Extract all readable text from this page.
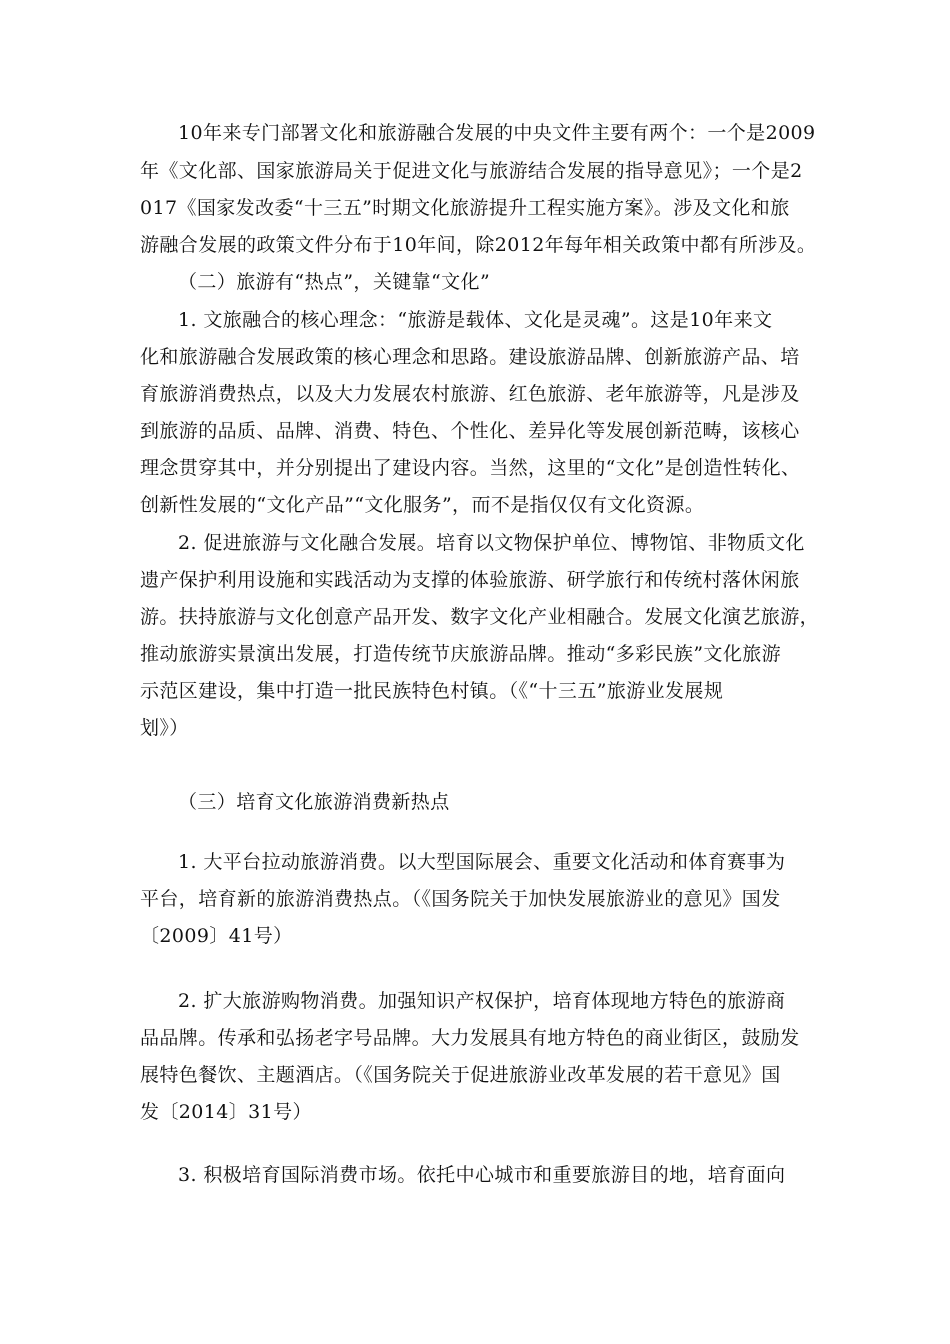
10年来专门部署文化和旅游融合发展的中央文件主要有两个：一个是2009
年《文化部、国家旅游局关于促进文化与旅游结合发展的指导意见》；一个是2
017《国家发改委“十三五”时期文化旅游提升工程实施方案》。涉及文化和旅
游融合发展的政策文件分布于10年间，除2012年每年相关政策中都有所涉及。
（二）旅游有“热点”，关键靠“文化”
1. 文旅融合的核心理念：“旅游是载体、文化是灵魂”。这是10年来文
化和旅游融合发展政策的核心理念和思路。建设旅游品牌、创新旅游产品、培
育旅游消费热点，以及大力发展农村旅游、红色旅游、老年旅游等，凡是涉及
到旅游的品质、品牌、消费、特色、个性化、差异化等发展创新范畴，该核心
理念贯穿其中，并分别提出了建设内容。当然，这里的“文化”是创造性转化、
创新性发展的“文化产品”“文化服务”，而不是指仅仅有文化资源。
2. 促进旅游与文化融合发展。培育以文物保护单位、博物馆、非物质文化
遗产保护利用设施和实践活动为支撑的体验旅游、研学旅行和传统村落休闲旅
游。扶持旅游与文化创意产品开发、数字文化产业相融合。发展文化演艺旅游，
推动旅游实景演出发展，打造传统节庆旅游品牌。推动“多彩民族”文化旅游
示范区建设，集中打造一批民族特色村镇。（《“十三五”旅游业发展规
划》）
（三）培育文化旅游消费新热点
1. 大平台拉动旅游消费。以大型国际展会、重要文化活动和体育赛事为
平台，培育新的旅游消费热点。（《国务院关于加快发展旅游业的意见》国发
〔2009〕41号）
2. 扩大旅游购物消费。加强知识产权保护，培育体现地方特色的旅游商
品品牌。传承和弘扬老字号品牌。大力发展具有地方特色的商业街区，鼓励发
展特色餐饮、主题酒店。（《国务院关于促进旅游业改革发展的若干意见》国
发〔2014〕31号）
3. 积极培育国际消费市场。依托中心城市和重要旅游目的地，培育面向
